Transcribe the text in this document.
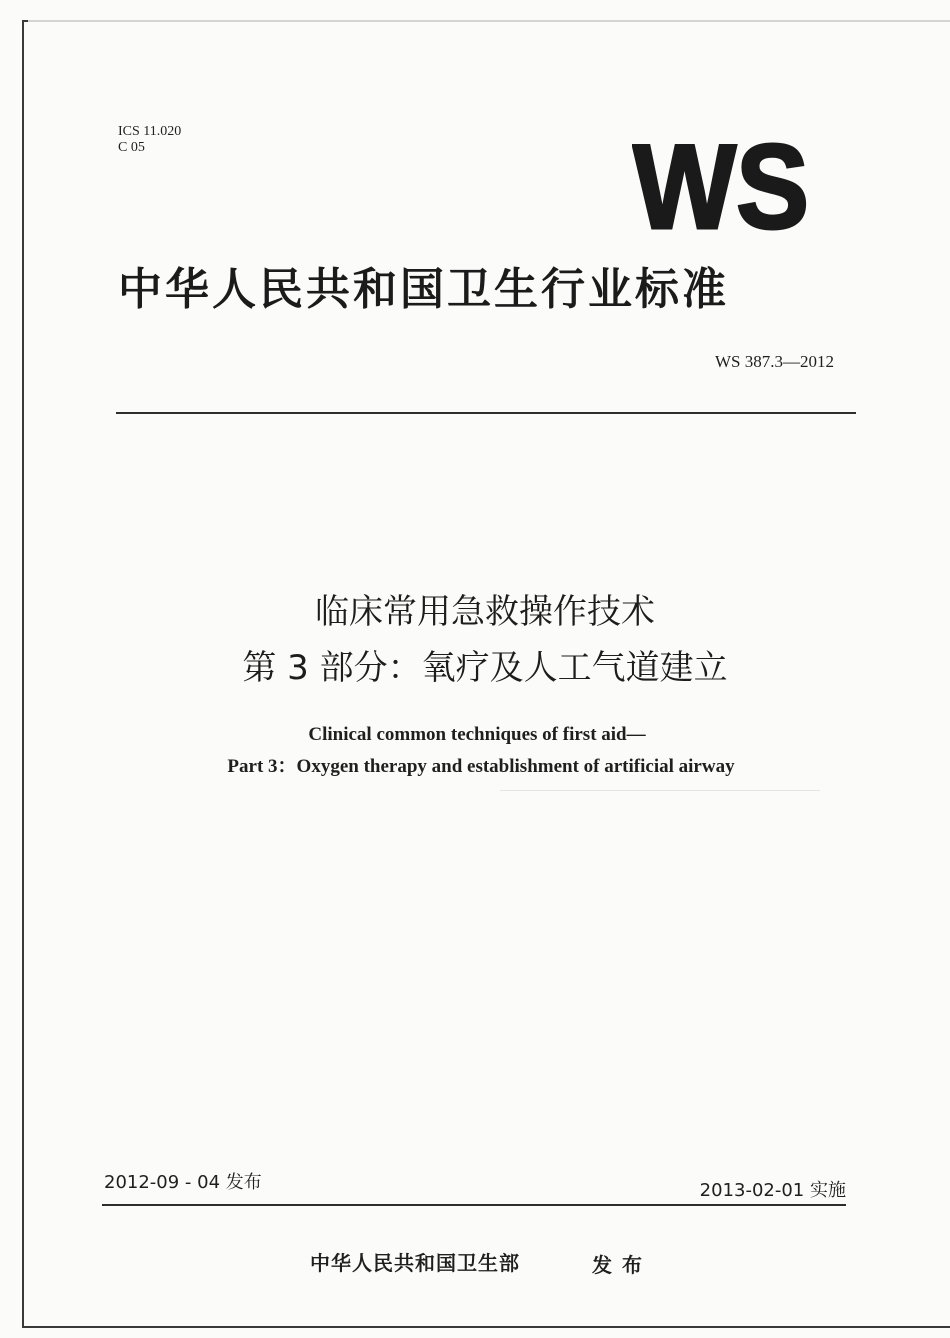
ICS 11.020
C 05	WS
中华人民共和国卫生行业标准
WS 387.3—2012
临床常用急救操作技术
第 3 部分：氧疗及人工气道建立
Clinical common techniques of first aid—
Part 3：Oxygen therapy and establishment of artificial airway
2012-09 - 04 发布	2013-02-01 实施
中华人民共和国卫生部	发布
